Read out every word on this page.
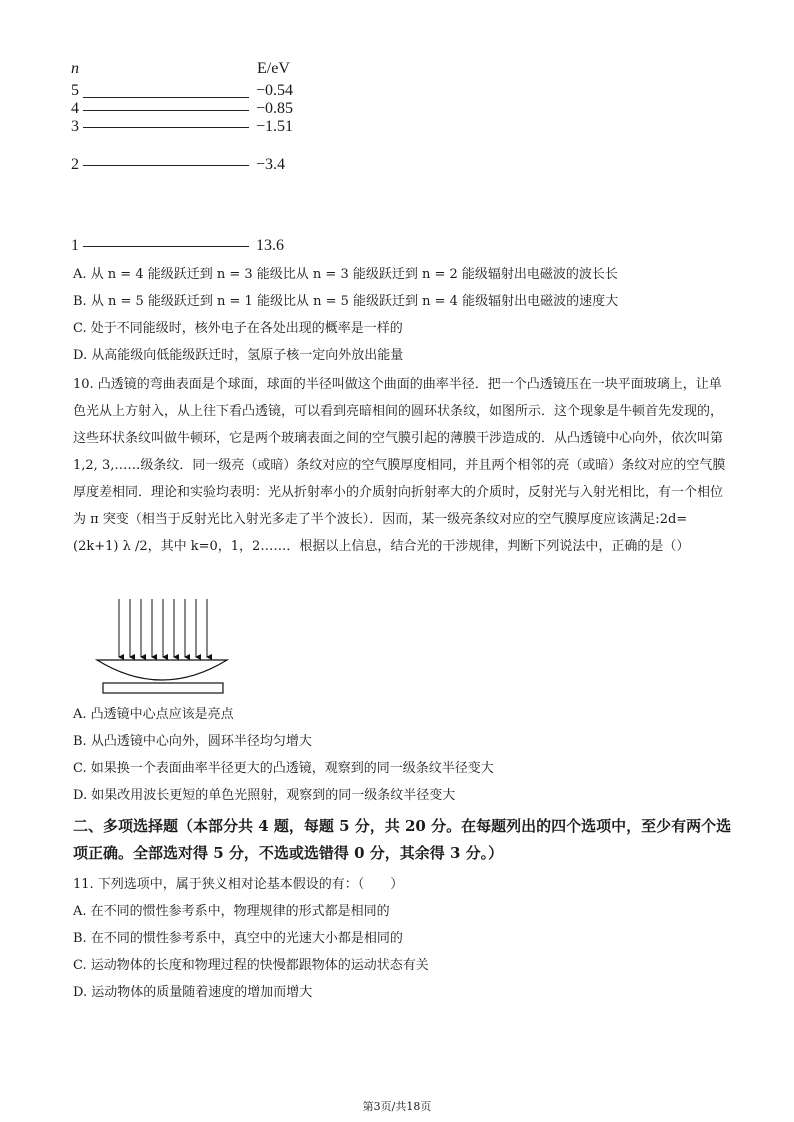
n	E/eV
5	−0.54
4	−0.85
3	−1.51
2	−3.4
1	13.6
A. 从 n = 4 能级跃迁到 n = 3 能级比从 n = 3 能级跃迁到 n = 2 能级辐射出电磁波的波长长
B. 从 n = 5 能级跃迁到 n = 1 能级比从 n = 5 能级跃迁到 n = 4 能级辐射出电磁波的速度大
C. 处于不同能级时，核外电子在各处出现的概率是一样的
D. 从高能级向低能级跃迁时，氢原子核一定向外放出能量
10. 凸透镜的弯曲表面是个球面，球面的半径叫做这个曲面的曲率半径．把一个凸透镜压在一块平面玻璃上，让单色光从上方射入，从上往下看凸透镜，可以看到亮暗相间的圆环状条纹，如图所示．这个现象是牛顿首先发现的，这些环状条纹叫做牛顿环，它是两个玻璃表面之间的空气膜引起的薄膜干涉造成的．从凸透镜中心向外，依次叫第 1,2, 3,……级条纹．同一级亮（或暗）条纹对应的空气膜厚度相同，并且两个相邻的亮（或暗）条纹对应的空气膜厚度差相同．理论和实验均表明：光从折射率小的介质射向折射率大的介质时，反射光与入射光相比，有一个相位为 π 突变（相当于反射光比入射光多走了半个波长）．因而，某一级亮条纹对应的空气膜厚度应该满足:2d= (2k+1) λ /2，其中 k=0，1，2……．根据以上信息，结合光的干涉规律，判断下列说法中，正确的是（）
A. 凸透镜中心点应该是亮点
B. 从凸透镜中心向外，圆环半径均匀增大
C. 如果换一个表面曲率半径更大的凸透镜，观察到的同一级条纹半径变大
D. 如果改用波长更短的单色光照射，观察到的同一级条纹半径变大
二、多项选择题（本部分共 4 题，每题 5 分，共 20 分。在每题列出的四个选项中，至少有两个选项正确。全部选对得 5 分，不选或选错得 0 分，其余得 3 分。）
11. 下列选项中，属于狭义相对论基本假设的有：（　　）
A. 在不同的惯性参考系中，物理规律的形式都是相同的
B. 在不同的惯性参考系中，真空中的光速大小都是相同的
C. 运动物体的长度和物理过程的快慢都跟物体的运动状态有关
D. 运动物体的质量随着速度的增加而增大
第3页/共18页
